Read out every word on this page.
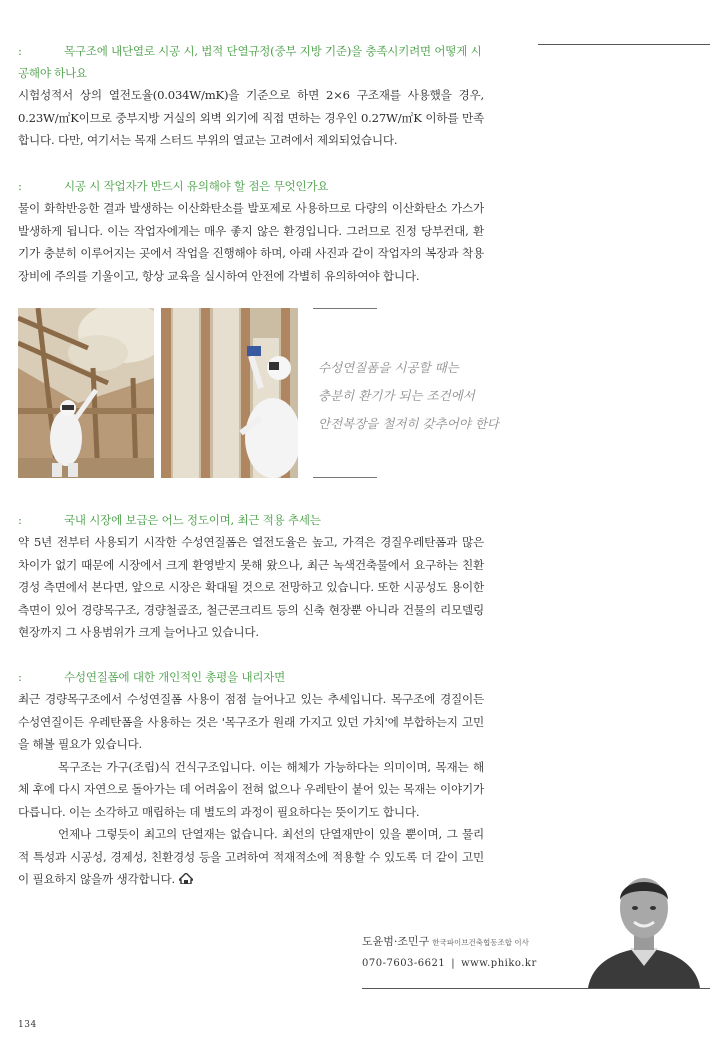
:	목구조에 내단열로 시공 시, 법적 단열규정(중부 지방 기준)을 충족시키려면 어떻게 시공해야 하나요

시험성적서 상의 열전도율(0.034W/mK)을 기준으로 하면 2×6 구조재를 사용했을 경우, 0.23W/㎡K이므로 중부지방 거실의 외벽 외기에 직접 면하는 경우인 0.27W/㎡K 이하를 만족합니다. 다만, 여기서는 목재 스터드 부위의 열교는 고려에서 제외되었습니다.

:	시공 시 작업자가 반드시 유의해야 할 점은 무엇인가요

물이 화학반응한 결과 발생하는 이산화탄소를 발포제로 사용하므로 다량의 이산화탄소 가스가 발생하게 됩니다. 이는 작업자에게는 매우 좋지 않은 환경입니다. 그러므로 진정 당부컨대, 환기가 충분히 이루어지는 곳에서 작업을 진행해야 하며, 아래 사진과 같이 작업자의 복장과 착용장비에 주의를 기울이고, 항상 교육을 실시하여 안전에 각별히 유의하여야 합니다.

수성연질폼을 시공할 때는
충분히 환기가 되는 조건에서
안전복장을 철저히 갖추어야 한다

:	국내 시장에 보급은 어느 정도이며, 최근 적용 추세는

약 5년 전부터 사용되기 시작한 수성연질폼은 열전도율은 높고, 가격은 경질우레탄폼과 많은 차이가 없기 때문에 시장에서 크게 환영받지 못해 왔으나, 최근 녹색건축물에서 요구하는 친환경성 측면에서 본다면, 앞으로 시장은 확대될 것으로 전망하고 있습니다. 또한 시공성도 용이한 측면이 있어 경량목구조, 경량철골조, 철근콘크리트 등의 신축 현장뿐 아니라 건물의 리모델링 현장까지 그 사용범위가 크게 늘어나고 있습니다.

:	수성연질폼에 대한 개인적인 총평을 내리자면

최근 경량목구조에서 수성연질폼 사용이 점점 늘어나고 있는 추세입니다. 목구조에 경질이든 수성연질이든 우레탄폼을 사용하는 것은 '목구조가 원래 가지고 있던 가치'에 부합하는지 고민을 해볼 필요가 있습니다.

목구조는 가구(조립)식 건식구조입니다. 이는 해체가 가능하다는 의미이며, 목재는 해체 후에 다시 자연으로 돌아가는 데 어려움이 전혀 없으나 우레탄이 붙어 있는 목재는 이야기가 다릅니다. 이는 소각하고 매립하는 데 별도의 과정이 필요하다는 뜻이기도 합니다.

언제나 그렇듯이 최고의 단열재는 없습니다. 최선의 단열재만이 있을 뿐이며, 그 물리적 특성과 시공성, 경제성, 친환경성 등을 고려하여 적재적소에 적용할 수 있도록 더 같이 고민이 필요하지 않을까 생각합니다.

도윤범·조민구 한국파이브건축협동조합 이사
070-7603-6621 | www.phiko.kr
134
